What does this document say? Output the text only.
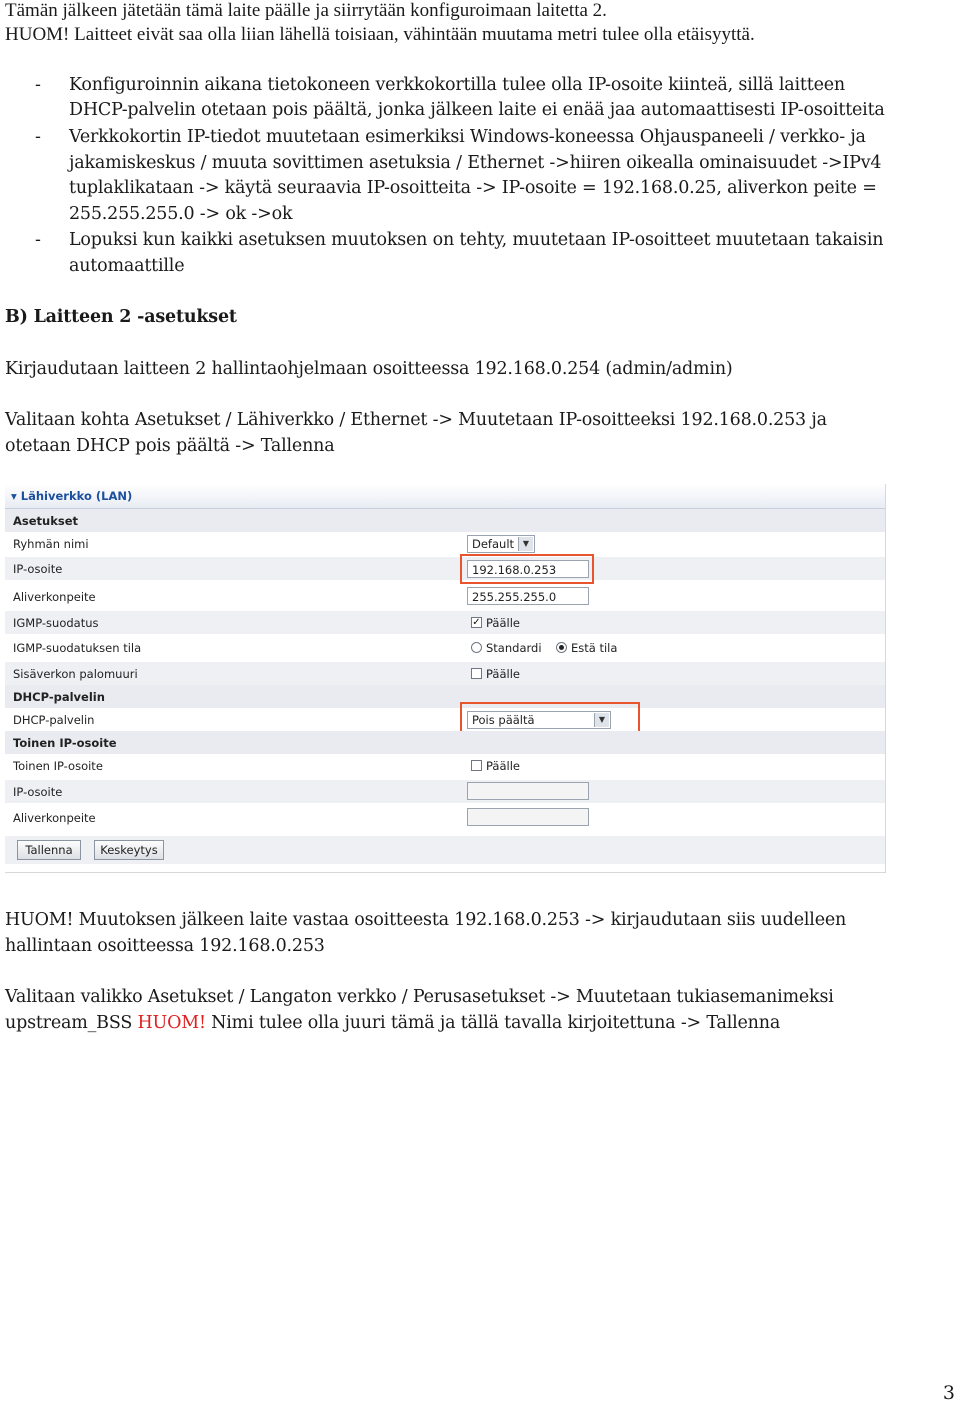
Tämän jälkeen jätetään tämä laite päälle ja siirrytään konfiguroimaan laitetta 2.
HUOM! Laitteet eivät saa olla liian lähellä toisiaan, vähintään muutama metri tulee olla etäisyyttä.
- Konfiguroinnin aikana tietokoneen verkkokortilla tulee olla IP-osoite kiinteä, sillä laitteen
DHCP-palvelin otetaan pois päältä, jonka jälkeen laite ei enää jaa automaattisesti IP-osoitteita
- Verkkokortin IP-tiedot muutetaan esimerkiksi Windows-koneessa Ohjauspaneeli / verkko- ja
jakamiskeskus / muuta sovittimen asetuksia / Ethernet ->hiiren oikealla ominaisuudet ->IPv4
tuplaklikataan -> käytä seuraavia IP-osoitteita -> IP-osoite = 192.168.0.25, aliverkon peite =
255.255.255.0 -> ok ->ok
- Lopuksi kun kaikki asetuksen muutoksen on tehty, muutetaan IP-osoitteet muutetaan takaisin
automaattille
B) Laitteen 2 -asetukset
Kirjaudutaan laitteen 2 hallintaohjelmaan osoitteessa 192.168.0.254 (admin/admin)
Valitaan kohta Asetukset / Lähiverkko / Ethernet -> Muutetaan IP-osoitteeksi 192.168.0.253 ja
otetaan DHCP pois päältä -> Tallenna
▾ Lähiverkko (LAN)
Asetukset
Ryhmän nimi	Default	▼
IP-osoite	192.168.0.253
Aliverkonpeite	255.255.255.0
IGMP-suodatus	✓ Päälle
IGMP-suodatuksen tila	Standardi	Estä tila
Sisäverkon palomuuri	Päälle
DHCP-palvelin
DHCP-palvelin	Pois päältä	▼
Toinen IP-osoite
Toinen IP-osoite	Päälle
IP-osoite
Aliverkonpeite
Tallenna	Keskeytys
HUOM! Muutoksen jälkeen laite vastaa osoitteesta 192.168.0.253 -> kirjaudutaan siis uudelleen
hallintaan osoitteessa 192.168.0.253
Valitaan valikko Asetukset / Langaton verkko / Perusasetukset -> Muutetaan tukiasemanimeksi
upstream_BSS HUOM! Nimi tulee olla juuri tämä ja tällä tavalla kirjoitettuna -> Tallenna
3
